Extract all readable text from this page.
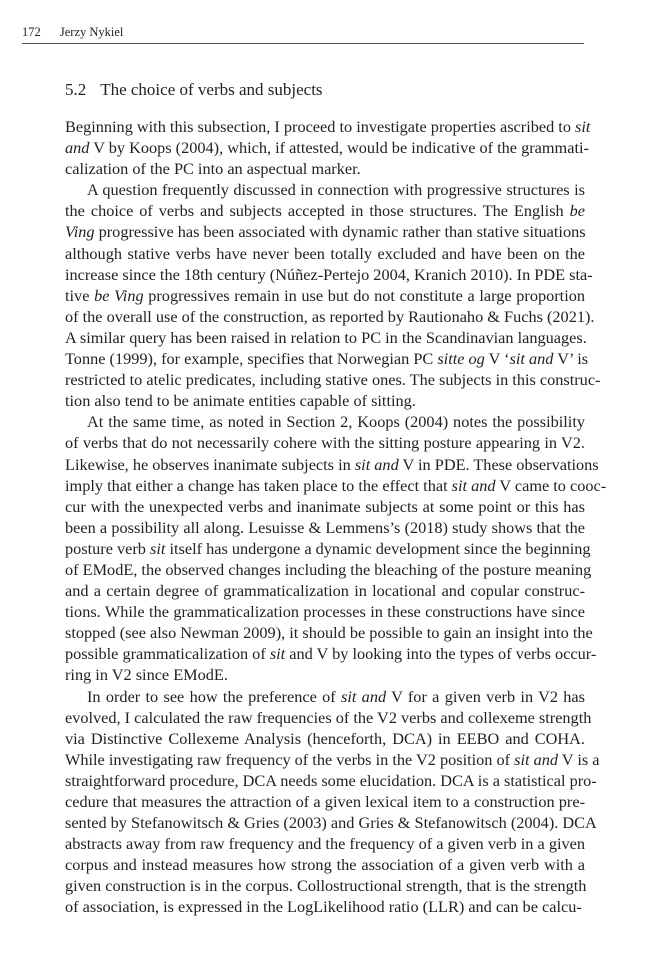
172 Jerzy Nykiel
5.2 The choice of verbs and subjects
Beginning with this subsection, I proceed to investigate properties ascribed to sit
and V by Koops (2004), which, if attested, would be indicative of the grammati-
calization of the PC into an aspectual marker.
A question frequently discussed in connection with progressive structures is
the choice of verbs and subjects accepted in those structures. The English be
Ving progressive has been associated with dynamic rather than stative situations
although stative verbs have never been totally excluded and have been on the
increase since the 18th century (Núñez-Pertejo 2004, Kranich 2010). In PDE sta-
tive be Ving progressives remain in use but do not constitute a large proportion
of the overall use of the construction, as reported by Rautionaho & Fuchs (2021).
A similar query has been raised in relation to PC in the Scandinavian languages.
Tonne (1999), for example, specifies that Norwegian PC sitte og V ‘sit and V’ is
restricted to atelic predicates, including stative ones. The subjects in this construc-
tion also tend to be animate entities capable of sitting.
At the same time, as noted in Section 2, Koops (2004) notes the possibility
of verbs that do not necessarily cohere with the sitting posture appearing in V2.
Likewise, he observes inanimate subjects in sit and V in PDE. These observations
imply that either a change has taken place to the effect that sit and V came to cooc-
cur with the unexpected verbs and inanimate subjects at some point or this has
been a possibility all along. Lesuisse & Lemmens’s (2018) study shows that the
posture verb sit itself has undergone a dynamic development since the beginning
of EModE, the observed changes including the bleaching of the posture meaning
and a certain degree of grammaticalization in locational and copular construc-
tions. While the grammaticalization processes in these constructions have since
stopped (see also Newman 2009), it should be possible to gain an insight into the
possible grammaticalization of sit and V by looking into the types of verbs occur-
ring in V2 since EModE.
In order to see how the preference of sit and V for a given verb in V2 has
evolved, I calculated the raw frequencies of the V2 verbs and collexeme strength
via Distinctive Collexeme Analysis (henceforth, DCA) in EEBO and COHA.
While investigating raw frequency of the verbs in the V2 position of sit and V is a
straightforward procedure, DCA needs some elucidation. DCA is a statistical pro-
cedure that measures the attraction of a given lexical item to a construction pre-
sented by Stefanowitsch & Gries (2003) and Gries & Stefanowitsch (2004). DCA
abstracts away from raw frequency and the frequency of a given verb in a given
corpus and instead measures how strong the association of a given verb with a
given construction is in the corpus. Collostructional strength, that is the strength
of association, is expressed in the LogLikelihood ratio (LLR) and can be calcu-
